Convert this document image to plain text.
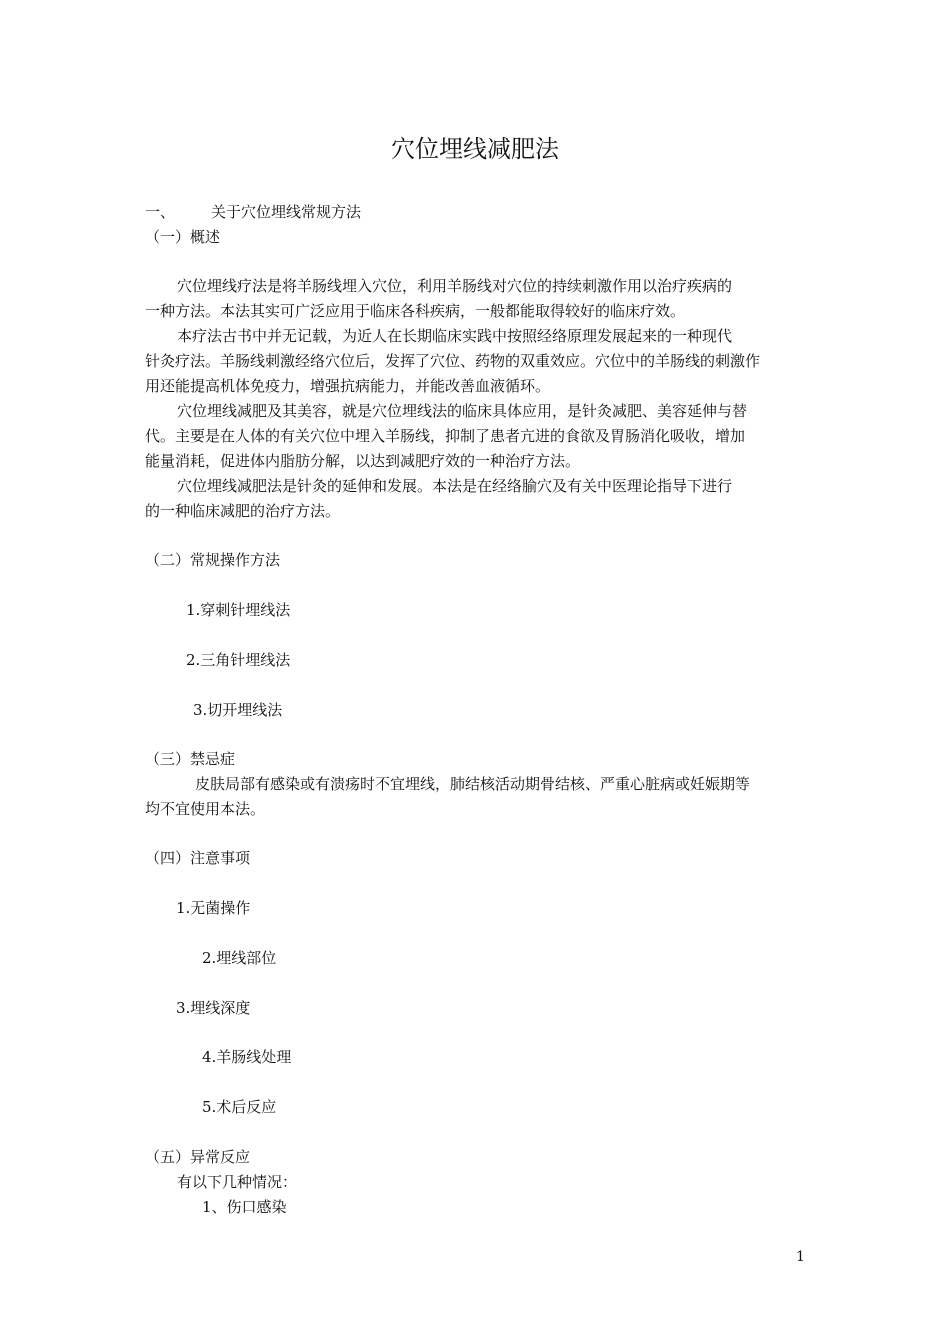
穴位埋线减肥法
一、 关于穴位埋线常规方法
（一）概述
穴位埋线疗法是将羊肠线埋入穴位，利用羊肠线对穴位的持续刺激作用以治疗疾病的
一种方法。本法其实可广泛应用于临床各科疾病，一般都能取得较好的临床疗效。
本疗法古书中并无记载，为近人在长期临床实践中按照经络原理发展起来的一种现代
针灸疗法。羊肠线刺激经络穴位后，发挥了穴位、药物的双重效应。穴位中的羊肠线的刺激作
用还能提高机体免疫力，增强抗病能力，并能改善血液循环。
穴位埋线减肥及其美容，就是穴位埋线法的临床具体应用，是针灸减肥、美容延伸与替
代。主要是在人体的有关穴位中埋入羊肠线，抑制了患者亢进的食欲及胃肠消化吸收，增加
能量消耗，促进体内脂肪分解，以达到减肥疗效的一种治疗方法。
穴位埋线减肥法是针灸的延伸和发展。本法是在经络腧穴及有关中医理论指导下进行
的一种临床减肥的治疗方法。
（二）常规操作方法
1.穿刺针埋线法
2.三角针埋线法
3.切开埋线法
（三）禁忌症
皮肤局部有感染或有溃疡时不宜埋线，肺结核活动期骨结核、严重心脏病或妊娠期等
均不宜使用本法。
（四）注意事项
1.无菌操作
2.埋线部位
3.埋线深度
4.羊肠线处理
5.术后反应
（五）异常反应
有以下几种情况：
1、伤口感染
1
